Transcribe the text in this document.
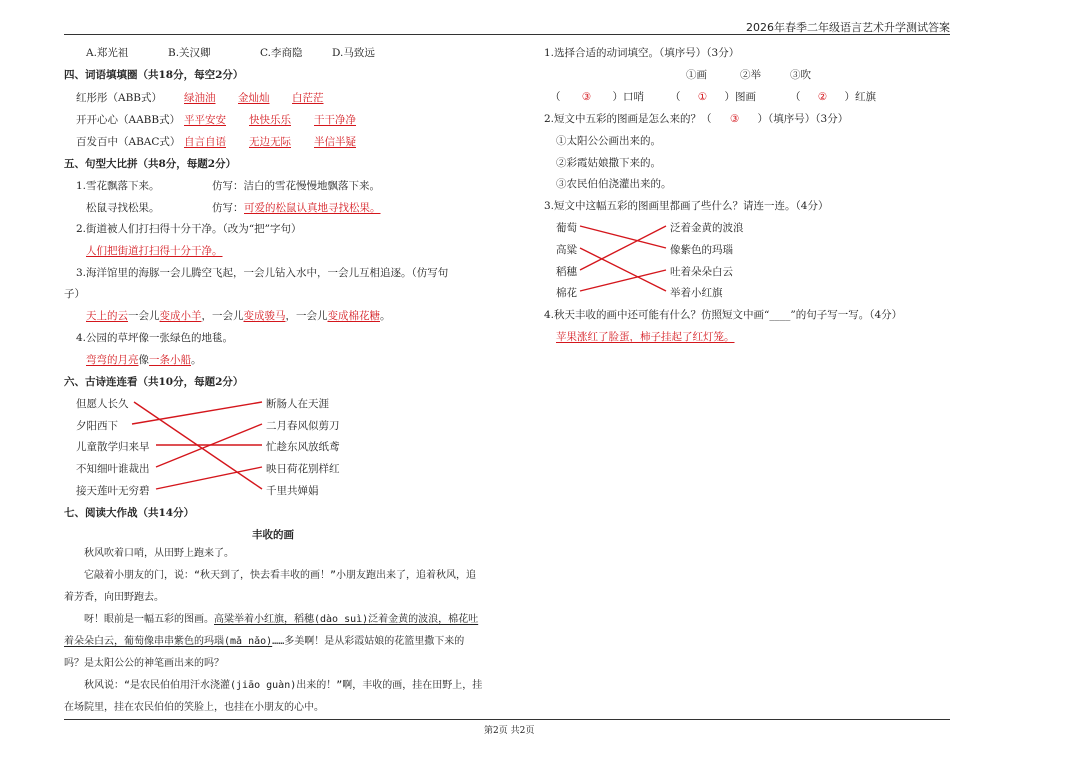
2026年春季二年级语言艺术升学测试答案
A.郑光祖	B.关汉卿	C.李商隐	D.马致远
四、词语填填圈（共18分，每空2分）
红彤彤（ABB式） 绿油油 金灿灿 白茫茫
开开心心（AABB式） 平平安安 快快乐乐 干干净净
百发百中（ABAC式） 自言自语 无边无际 半信半疑
五、句型大比拼（共8分，每题2分）
1.雪花飘落下来。	仿写：洁白的雪花慢慢地飘落下来。
松鼠寻找松果。	仿写： 可爱的松鼠认真地寻找松果。
2.街道被人们打扫得十分干净。（改为“把”字句）
人们把街道打扫得十分干净。
3.海洋馆里的海豚一会儿腾空飞起，一会儿钻入水中，一会儿互相追逐。（仿写句
子）
天上的云一会儿变成小羊，一会儿变成骏马，一会儿变成棉花糖。
4.公园的草坪像一张绿色的地毯。
弯弯的月亮像一条小船。
六、古诗连连看（共10分，每题2分）
但愿人长久
夕阳西下
儿童散学归来早
不知细叶谁裁出
接天莲叶无穷碧
断肠人在天涯
二月春风似剪刀
忙趁东风放纸鸢
映日荷花别样红
千里共婵娟
七、阅读大作战（共14分）
丰收的画

秋风吹着口哨，从田野上跑来了。

它敲着小朋友的门，说：“秋天到了，快去看丰收的画！”小朋友跑出来了，追着秋风，追着芳香，向田野跑去。

呀！眼前是一幅五彩的图画。高粱举着小红旗，稻穗(dào suì)泛着金黄的波浪，棉花吐着朵朵白云，葡萄像串串紫色的玛瑙(mǎ nǎo)……多美啊！是从彩霞姑娘的花篮里撒下来的吗？是太阳公公的神笔画出来的吗？

秋风说：“是农民伯伯用汗水浇灌(jiāo guàn)出来的！”啊，丰收的画，挂在田野上，挂在场院里，挂在农民伯伯的笑脸上，也挂在小朋友的心中。

1.选择合适的动词填空。（填序号）（3分）
①画	②举	③吹
（ ③ ）口哨 （ ① ）图画	（ ② ）红旗
2.短文中五彩的图画是怎么来的？（ ③ ）（填序号）（3分）
①太阳公公画出来的。
②彩霞姑娘撒下来的。
③农民伯伯浇灌出来的。
3.短文中这幅五彩的图画里都画了些什么？请连一连。（4分）
葡萄
高粱
稻穗
棉花
泛着金黄的波浪
像紫色的玛瑙
吐着朵朵白云
举着小红旗
4.秋天丰收的画中还可能有什么？仿照短文中画“____”的句子写一写。（4分）
苹果涨红了脸蛋，柿子挂起了红灯笼。
第2页 共2页
